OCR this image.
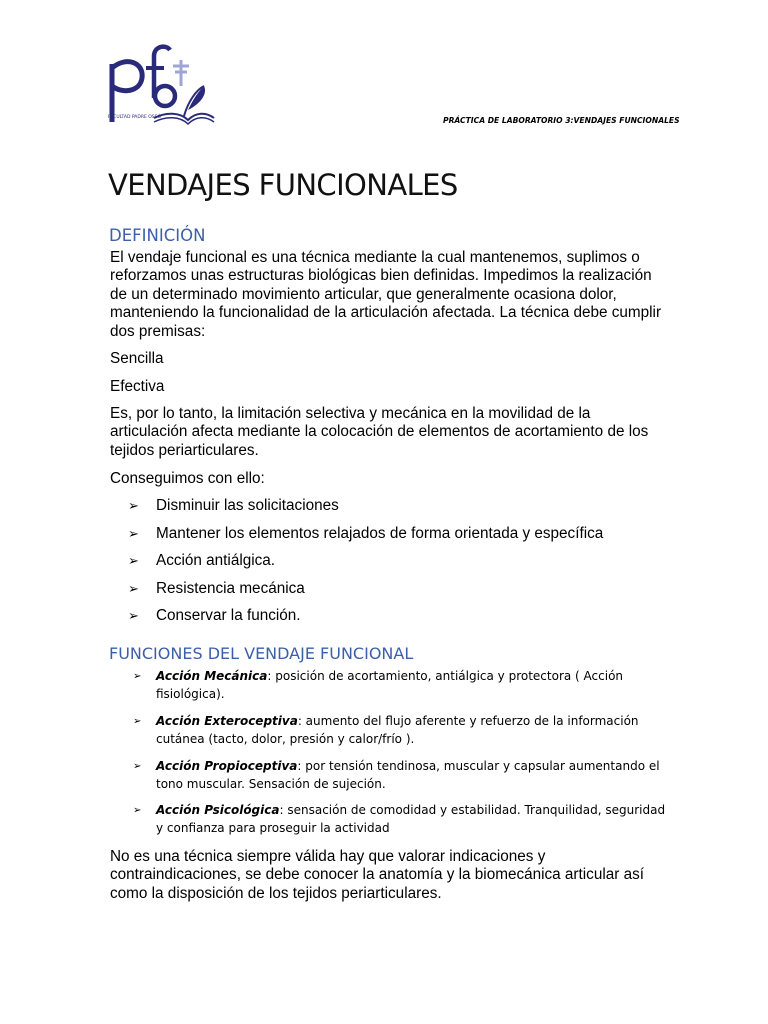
FACULTAD PADRE OSSÓ	PRÁCTICA DE LABORATORIO 3:VENDAJES FUNCIONALES
VENDAJES FUNCIONALES
DEFINICIÓN

El vendaje funcional es una técnica mediante la cual mantenemos, suplimos o reforzamos unas estructuras biológicas bien definidas. Impedimos la realización de un determinado movimiento articular, que generalmente ocasiona dolor, manteniendo la funcionalidad de la articulación afectada. La técnica debe cumplir dos premisas:

Sencilla

Efectiva

Es, por lo tanto, la limitación selectiva y mecánica en la movilidad de la articulación afecta mediante la colocación de elementos de acortamiento de los tejidos periarticulares.

Conseguimos con ello:

➢ Disminuir las solicitaciones
➢ Mantener los elementos relajados de forma orientada y específica
➢ Acción antiálgica.
➢ Resistencia mecánica
➢ Conservar la función.
FUNCIONES DEL VENDAJE FUNCIONAL
➢ Acción Mecánica: posición de acortamiento, antiálgica y protectora ( Acción fisiológica).
➢ Acción Exteroceptiva: aumento del flujo aferente y refuerzo de la información cutánea (tacto, dolor, presión y calor/frío ).
➢ Acción Propioceptiva: por tensión tendinosa, muscular y capsular aumentando el tono muscular. Sensación de sujeción.
➢ Acción Psicológica: sensación de comodidad y estabilidad. Tranquilidad, seguridad y confianza para proseguir la actividad

No es una técnica siempre válida hay que valorar indicaciones y contraindicaciones, se debe conocer la anatomía y la biomecánica articular así como la disposición de los tejidos periarticulares.
